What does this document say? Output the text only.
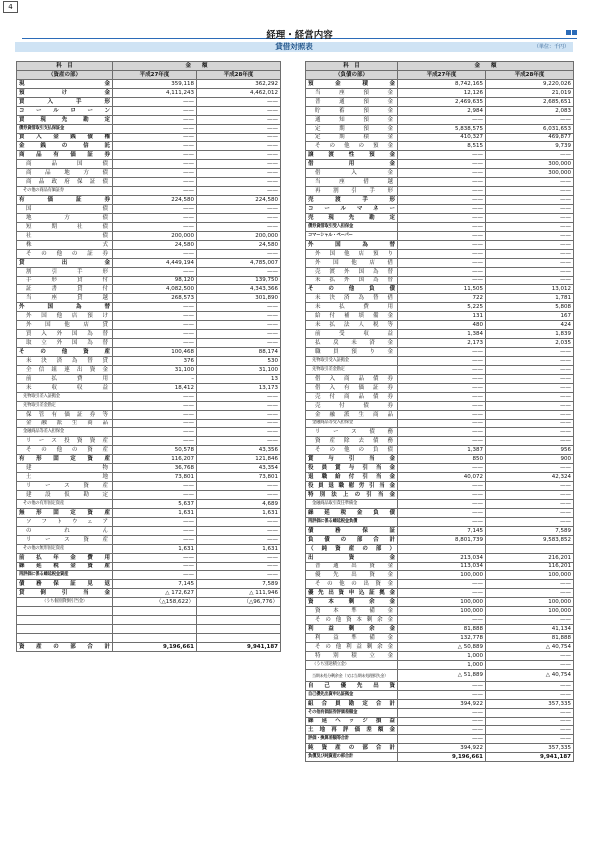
4
経理・経営内容
貸借対照表	（単位：千円）
科　目	金　　額	
（資産の部）	平成27年度	平成28年度
現　　　　　金	359,118	362,292
預　　け　　金	4,111,243	4,462,012
買 入 手 形	——	——
コールローン	——	——
買 現 先 勘 定	——	——
債券貸借取引支払保証金	——	——
買 入 金 銭 債 権	——	——
金 銭 の 信 託	——	——
商 品 有 価 証 券	——	——
商 品 国 債	——	——
商 品 地 方 債	——	——
商品政府保証債	——	——
その他の商品有価証券	——	——
有　価　証　券	224,580	224,580
国　　　　債	——	——
地　方　債	——	——
短 期 社 債	——	——
社　　　　債	200,000	200,000
株　　　　式	24,580	24,580
その他の証券	——	——
貸　　出　　金	4,449,194	4,785,007
割 引 手 形	——	——
手 形 貸 付	98,120	139,750
証 書 貸 付	4,082,500	4,343,366
当 座 貸 越	268,573	301,890
外　国　為　替	——	——
外国他店預け	——	——
外 国 他 店 貸	——	——
買入外国為替	——	——
取立外国為替	——	——
そ の 他 資 産	100,468	88,174
未決済為替貸	376	530
全信組連出資金	31,100	31,100
前 払 費 用	–	13
未 収 収 益	18,412	13,173
先物取引差入証拠金	——	——
先物取引差金勘定	——	——
保管有価証券等	——	——
金融派生商品	——	——
金融商品等差入担保金	——	——
リース投資資産	——	——
そ の 他 の 資 産	50,578	43,356
有 形 固 定 資 産	116,207	121,846
建　　　　物	36,768	43,354
土　　　　地	73,801	73,801
リ ー ス 資 産	——	——
建 設 仮 勘 定	——	——
その他の有形固定資産	5,637	4,689
無 形 固 定 資 産	1,631	1,631
ソフトウェア	——	——
の　れ　ん	——	——
リ ー ス 資 産	——	——
その他の無形固定資産	1,631	1,631
前 払 年 金 費 用	——	——
繰 延 税 金 資 産	——	——
再評価に係る繰延税金資産	——	——
債 務 保 証 見 返	7,145	7,589
貸 倒 引 当 金	△ 172,627	△ 111,946
（うち個別貸倒引当金）	（△158,622）	（△96,776）

資 産 の 部 合 計	9,196,661	9,941,187
科　目	金　　額	
（負債の部）	平成27年度	平成28年度
預　金　積　金	8,742,165	9,220,026
当 座 預 金	12,126	21,019
普 通 預 金	2,469,635	2,685,651
貯 蓄 預 金	2,984	2,083
通 知 預 金	——	——
定 期 預 金	5,838,575	6,031,653
定 期 積 金	410,327	469,877
そ の 他 の 預 金	8,515	9,739
譲 渡 性 預 金	——	——
借　用　金	——	300,000
借　　入　　金	——	300,000
当 座 借 越	——	——
再 割 引 手 形	——	——
売　渡　手　形	——	——
コールマネー	——	——
売 現 先 勘 定	——	——
債券貸借取引受入担保金	——	——
コマーシャル・ペーパー	——	——
外　国　為　替	——	——
外国他店預り	——	——
外 国 他 店 借	——	——
売渡外国為替	——	——
未払外国為替	——	——
そ の 他 負 債	11,505	13,012
未決済為替借	722	1,781
未 払 費 用	5,225	5,808
給付補填備金	131	167
未払法人税等	480	424
前 受 収 益	1,384	1,839
払 戻 未 済 金	2,173	2,035
職 員 預 り 金	——	——
先物取引受入証拠金	——	——
先物取引差金勘定	——	——
借入商品債券	——	——
借入有価証券	——	——
売付商品債券	——	——
売 付 債 券	——	——
金融派生商品	——	——
金融商品等受入担保金	——	——
リ ー ス 債 務	——	——
資産除去債務	——	——
そ の 他 の 負 債	1,387	956
賞 与 引 当 金	850	900
役員賞与引当金	——	——
退 職 給 付 引 当 金	40,072	42,324
役員退職慰労引当金	——	——
特別法上の引当金	——	——
金融商品取引責任準備金	——	——
繰 延 税 金 負 債	——	——
再評価に係る繰延税金負債	——	——
債　務　保　証	7,145	7,589
負 債 の 部 合 計	8,801,739	9,583,852
（ 純 資 産 の 部 ）		
出　資　金	213,034	216,201
普 通 出 資 金	113,034	116,201
優 先 出 資 金	100,000	100,000
その他の出資金	——	——
優先出資申込証拠金	——	——
資 本 剰 余 金	100,000	100,000
資 本 準 備 金	100,000	100,000
その他資本剰余金	——	——
利 益 剰 余 金	81,888	41,134
利 益 準 備 金	132,778	81,888
その他利益剰余金	△ 50,889	△ 40,754
特 別 積 立 金	1,000	——
（うち別途積立金）	1,000	——
当期未処分剰余金（又は当期未処理損失金）	△ 51,889	△ 40,754
自 己 優 先 出 資	——	——
自己優先出資申込証拠金	——	——
組 合 員 勘 定 合 計	394,922	357,335
その他有価証券評価差額金	——	——
繰 延 ヘ ッ ジ 損 益	——	——
土地再評価差額金	——	——
評価・換算差額等合計	——	——
純 資 産 の 部 合 計	394,922	357,335
負債及び純資産の部合計	9,196,661	9,941,187
